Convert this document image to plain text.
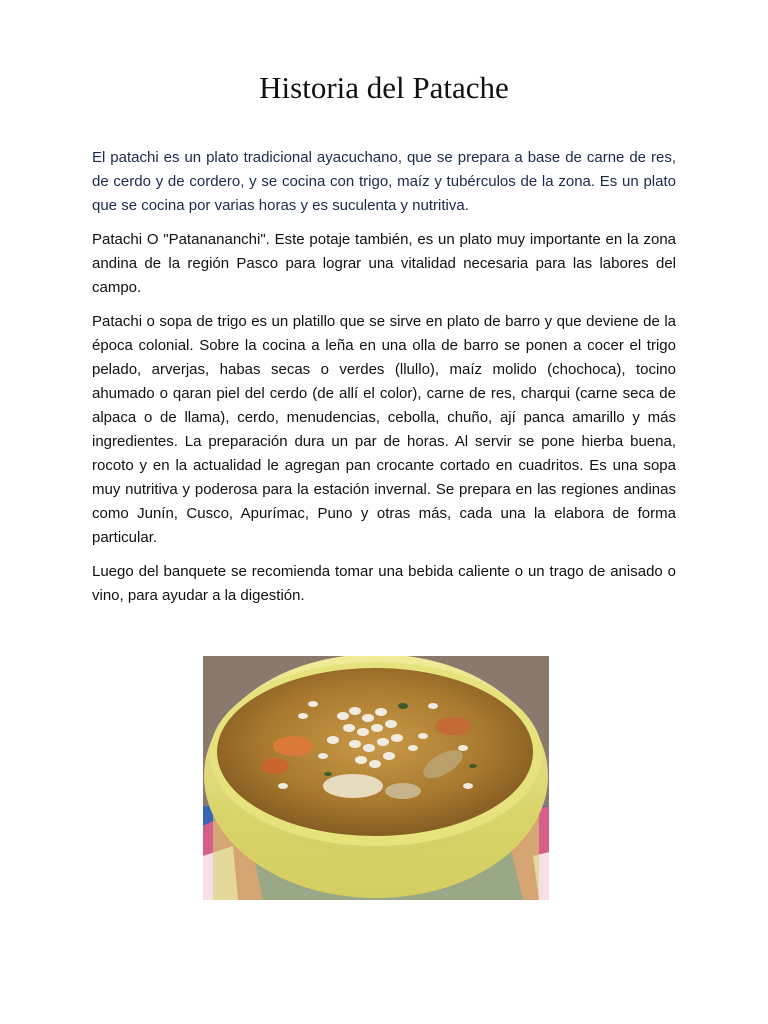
Historia del Patache

El patachi es un plato tradicional ayacuchano, que se prepara a base de carne de res, de cerdo y de cordero, y se cocina con trigo, maíz y tubérculos de la zona. Es un plato que se cocina por varias horas y es suculenta y nutritiva.

Patachi O "Patanananchi". Este potaje también, es un plato muy importante en la zona andina de la región Pasco para lograr una vitalidad necesaria para las labores del campo.

Patachi o sopa de trigo es un platillo que se sirve en plato de barro y que deviene de la época colonial. Sobre la cocina a leña en una olla de barro se ponen a cocer el trigo pelado, arverjas, habas secas o verdes (llullo), maíz molido (chochoca), tocino ahumado o qaran piel del cerdo (de allí el color), carne de res, charqui (carne seca de alpaca o de llama), cerdo, menudencias, cebolla, chuño, ají panca amarillo y más ingredientes. La preparación dura un par de horas. Al servir se pone hierba buena, rocoto y en la actualidad le agregan pan crocante cortado en cuadritos. Es una sopa muy nutritiva y poderosa para la estación invernal. Se prepara en las regiones andinas como Junín, Cusco, Apurímac, Puno y otras más, cada una la elabora de forma particular.

Luego del banquete se recomienda tomar una bebida caliente o un trago de anisado o vino, para ayudar a la digestión.
